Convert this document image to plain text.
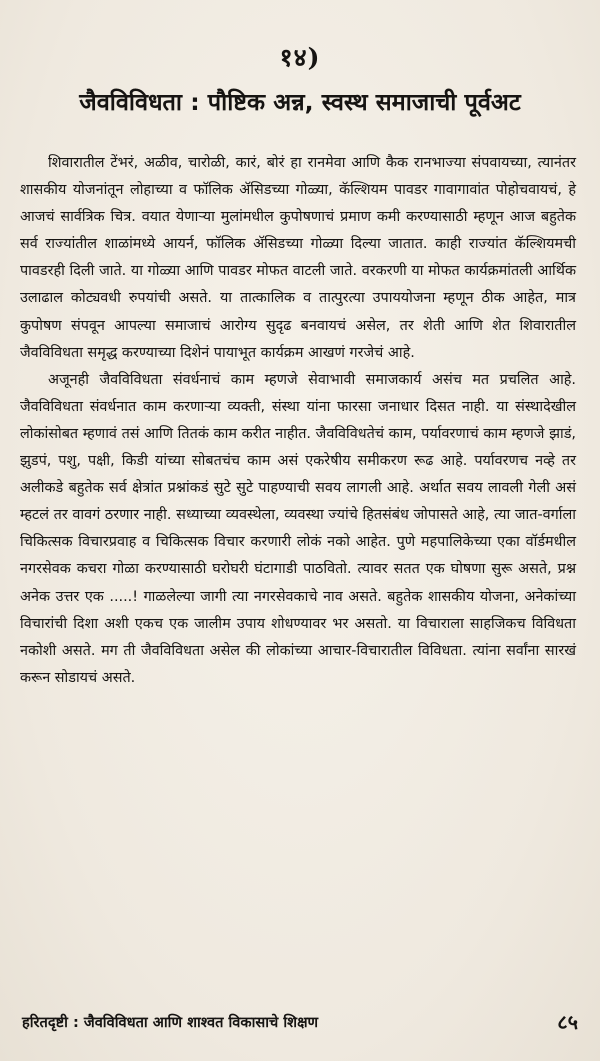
१४)
जैवविविधता : पौष्टिक अन्न, स्वस्थ समाजाची पूर्वअट

शिवारातील टेंभरं, अळीव, चारोळी, कारं, बोरं हा रानमेवा आणि कैक रानभाज्या संपवायच्या, त्यानंतर शासकीय योजनांतून लोहाच्या व फॉलिक ॲसिडच्या गोळ्या, कॅल्शियम पावडर गावागावांत पोहोचवायचं, हे आजचं सार्वत्रिक चित्र. वयात येणाऱ्या मुलांमधील कुपोषणाचं प्रमाण कमी करण्यासाठी म्हणून आज बहुतेक सर्व राज्यांतील शाळांमध्ये आयर्न, फॉलिक ॲसिडच्या गोळ्या दिल्या जातात. काही राज्यांत कॅल्शियमची पावडरही दिली जाते. या गोळ्या आणि पावडर मोफत वाटली जाते. वरकरणी या मोफत कार्यक्रमांतली आर्थिक उलाढाल कोट्यवधी रुपयांची असते. या तात्कालिक व तात्पुरत्या उपाययोजना म्हणून ठीक आहेत, मात्र कुपोषण संपवून आपल्या समाजाचं आरोग्य सुदृढ बनवायचं असेल, तर शेती आणि शेत शिवारातील जैवविविधता समृद्ध करण्याच्या दिशेनं पायाभूत कार्यक्रम आखणं गरजेचं आहे.

अजूनही जैवविविधता संवर्धनाचं काम म्हणजे सेवाभावी समाजकार्य असंच मत प्रचलित आहे. जैवविविधता संवर्धनात काम करणाऱ्या व्यक्ती, संस्था यांना फारसा जनाधार दिसत नाही. या संस्थादेखील लोकांसोबत म्हणावं तसं आणि तितकं काम करीत नाहीत. जैवविविधतेचं काम, पर्यावरणाचं काम म्हणजे झाडं, झुडपं, पशु, पक्षी, किडी यांच्या सोबतचंच काम असं एकरेषीय समीकरण रूढ आहे. पर्यावरणच नव्हे तर अलीकडे बहुतेक सर्व क्षेत्रांत प्रश्नांकडं सुटे सुटे पाहण्याची सवय लागली आहे. अर्थात सवय लावली गेली असं म्हटलं तर वावगं ठरणार नाही. सध्याच्या व्यवस्थेला, व्यवस्था ज्यांचे हितसंबंध जोपासते आहे, त्या जात-वर्गाला चिकित्सक विचारप्रवाह व चिकित्सक विचार करणारी लोकं नको आहेत. पुणे महपालिकेच्या एका वॉर्डमधील नगरसेवक कचरा गोळा करण्यासाठी घरोघरी घंटागाडी पाठवितो. त्यावर सतत एक घोषणा सुरू असते, प्रश्न अनेक उत्तर एक .....! गाळलेल्या जागी त्या नगरसेवकाचे नाव असते. बहुतेक शासकीय योजना, अनेकांच्या विचारांची दिशा अशी एकच एक जालीम उपाय शोधण्यावर भर असतो. या विचाराला साहजिकच विविधता नकोशी असते. मग ती जैवविविधता असेल की लोकांच्या आचार-विचारातील विविधता. त्यांना सर्वांना सारखं करून सोडायचं असते.

हरितदृष्टी : जैवविविधता आणि शाश्वत विकासाचे शिक्षण	८५
